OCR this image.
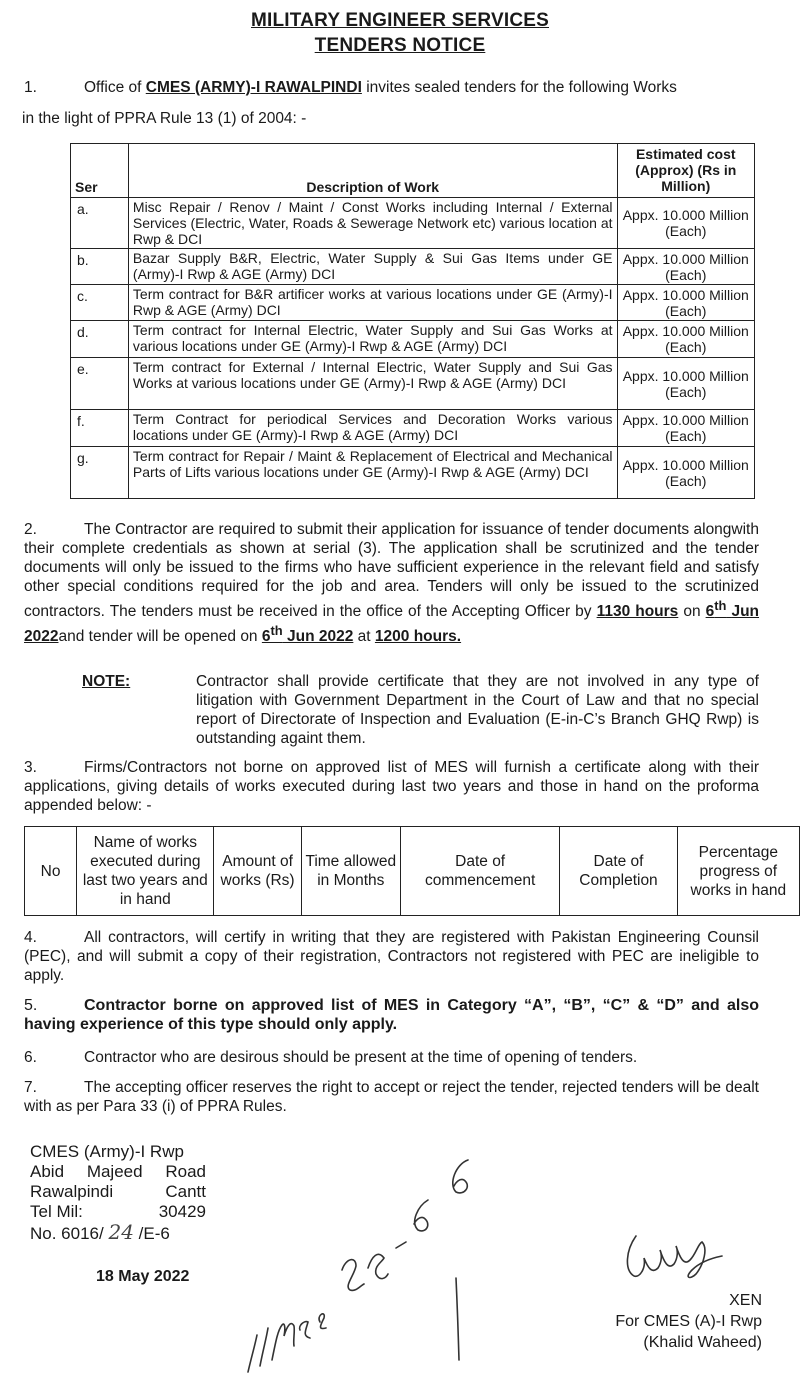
MILITARY ENGINEER SERVICES
TENDERS NOTICE
1.	Office of CMES (ARMY)-I RAWALPINDI invites sealed tenders for the following Works
in the light of PPRA Rule 13 (1) of 2004: -
Ser	Description of Work	Estimated cost (Approx) (Rs in Million)
a.	Misc Repair / Renov / Maint / Const Works including Internal / External Services (Electric, Water, Roads & Sewerage Network etc) various location at Rwp & DCI	Appx. 10.000 Million (Each)
b.	Bazar Supply B&R, Electric, Water Supply & Sui Gas Items under GE (Army)-I Rwp & AGE (Army) DCI	Appx. 10.000 Million (Each)
c.	Term contract for B&R artificer works at various locations under GE (Army)-I Rwp & AGE (Army) DCI	Appx. 10.000 Million (Each)
d.	Term contract for Internal Electric, Water Supply and Sui Gas Works at various locations under GE (Army)-I Rwp & AGE (Army) DCI	Appx. 10.000 Million (Each)
e.	Term contract for External / Internal Electric, Water Supply and Sui Gas Works at various locations under GE (Army)-I Rwp & AGE (Army) DCI	Appx. 10.000 Million (Each)
f.	Term Contract for periodical Services and Decoration Works various locations under GE (Army)-I Rwp & AGE (Army) DCI	Appx. 10.000 Million (Each)
g.	Term contract for Repair / Maint & Replacement of Electrical and Mechanical Parts of Lifts various locations under GE (Army)-I Rwp & AGE (Army) DCI	Appx. 10.000 Million (Each)
2.	The Contractor are required to submit their application for issuance of tender documents alongwith their complete credentials as shown at serial (3). The application shall be scrutinized and the tender documents will only be issued to the firms who have sufficient experience in the relevant field and satisfy other special conditions required for the job and area. Tenders will only be issued to the scrutinized contractors. The tenders must be received in the office of the Accepting Officer by 1130 hours on 6th Jun 2022and tender will be opened on 6th Jun 2022 at 1200 hours.
NOTE:	Contractor shall provide certificate that they are not involved in any type of litigation with Government Department in the Court of Law and that no special report of Directorate of Inspection and Evaluation (E-in-C’s Branch GHQ Rwp) is outstanding againt them.
3.	Firms/Contractors not borne on approved list of MES will furnish a certificate along with their applications, giving details of works executed during last two years and those in hand on the proforma appended below: -
No	Name of works executed during last two years and in hand	Amount of works (Rs)	Time allowed in Months	Date of commencement	Date of Completion	Percentage progress of works in hand
4.	All contractors, will certify in writing that they are registered with Pakistan Engineering Counsil (PEC), and will submit a copy of their registration, Contractors not registered with PEC are ineligible to apply.
5.	Contractor borne on approved list of MES in Category “A”, “B”, “C” & “D” and also having experience of this type should only apply.
6.	Contractor who are desirous should be present at the time of opening of tenders.
7.	The accepting officer reserves the right to accept or reject the tender, rejected tenders will be dealt with as per Para 33 (i) of PPRA Rules.
CMES (Army)-I Rwp
Abid Majeed Road
Rawalpindi	Cantt
Tel Mil:	30429
No. 6016/ 24 /E-6
18 May 2022
XEN
For CMES (A)-I Rwp
(Khalid Waheed)
